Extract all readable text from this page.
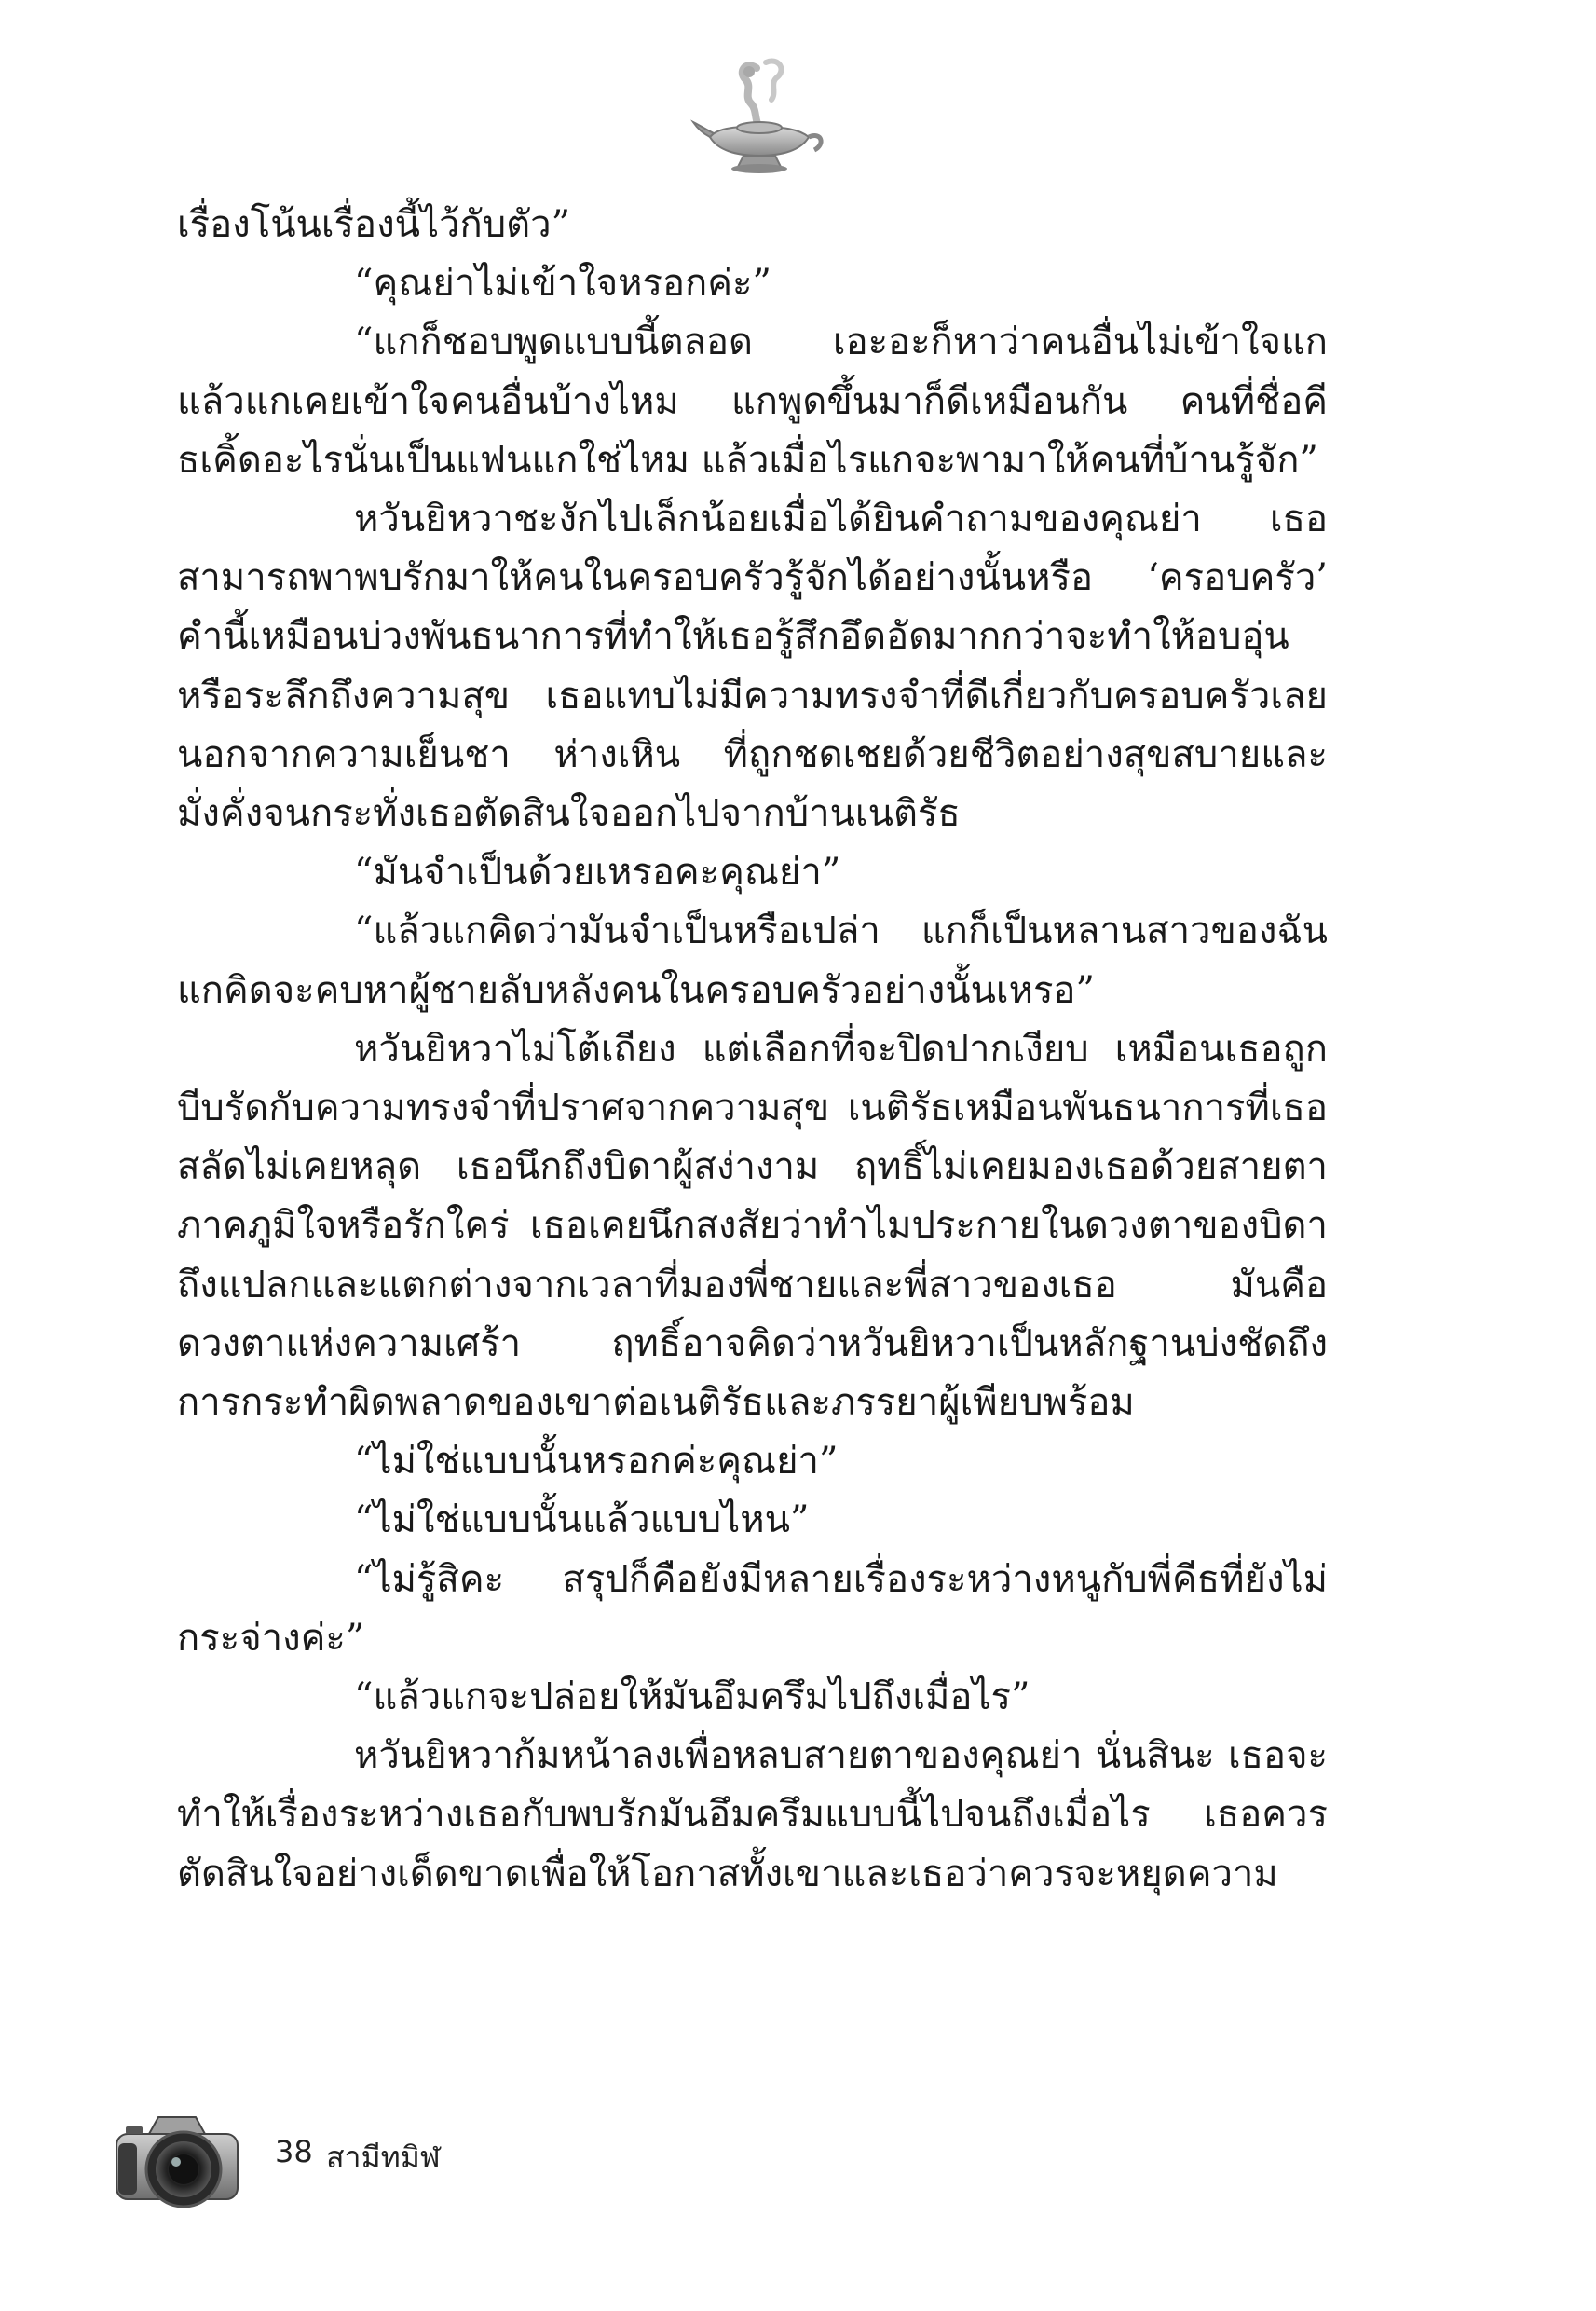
เรื่องโน้นเรื่องนี้ไว้กับตัว”

“คุณย่าไม่เข้าใจหรอกค่ะ”

“แกก็ชอบพูดแบบนี้ตลอด เอะอะก็หาว่าคนอื่นไม่เข้าใจแก แล้วแกเคยเข้าใจคนอื่นบ้างไหม แกพูดขึ้นมาก็ดีเหมือนกัน คนที่ชื่อคีธเคิ้ดอะไรนั่นเป็นแฟนแกใช่ไหม แล้วเมื่อไรแกจะพามาให้คนที่บ้านรู้จัก”

หวันยิหวาชะงักไปเล็กน้อยเมื่อได้ยินคำถามของคุณย่า เธอสามารถพาพบรักมาให้คนในครอบครัวรู้จักได้อย่างนั้นหรือ ‘ครอบครัว’ คำนี้เหมือนบ่วงพันธนาการที่ทำให้เธอรู้สึกอึดอัดมากกว่าจะทำให้อบอุ่นหรือระลึกถึงความสุข เธอแทบไม่มีความทรงจำที่ดีเกี่ยวกับครอบครัวเลยนอกจากความเย็นชา ห่างเหิน ที่ถูกชดเชยด้วยชีวิตอย่างสุขสบายและมั่งคั่งจนกระทั่งเธอตัดสินใจออกไปจากบ้านเนติรัธ

“มันจำเป็นด้วยเหรอคะคุณย่า”

“แล้วแกคิดว่ามันจำเป็นหรือเปล่า แกก็เป็นหลานสาวของฉัน แกคิดจะคบหาผู้ชายลับหลังคนในครอบครัวอย่างนั้นเหรอ”

หวันยิหวาไม่โต้เถียง แต่เลือกที่จะปิดปากเงียบ เหมือนเธอถูกบีบรัดกับความทรงจำที่ปราศจากความสุข เนติรัธเหมือนพันธนาการที่เธอสลัดไม่เคยหลุด เธอนึกถึงบิดาผู้สง่างาม ฤทธิ์ไม่เคยมองเธอด้วยสายตาภาคภูมิใจหรือรักใคร่ เธอเคยนึกสงสัยว่าทำไมประกายในดวงตาของบิดาถึงแปลกและแตกต่างจากเวลาที่มองพี่ชายและพี่สาวของเธอ มันคือดวงตาแห่งความเศร้า ฤทธิ์อาจคิดว่าหวันยิหวาเป็นหลักฐานบ่งชัดถึงการกระทำผิดพลาดของเขาต่อเนติรัธและภรรยาผู้เพียบพร้อม

“ไม่ใช่แบบนั้นหรอกค่ะคุณย่า”

“ไม่ใช่แบบนั้นแล้วแบบไหน”

“ไม่รู้สิคะ สรุปก็คือยังมีหลายเรื่องระหว่างหนูกับพี่คีธที่ยังไม่กระจ่างค่ะ”

“แล้วแกจะปล่อยให้มันอึมครึมไปถึงเมื่อไร”

หวันยิหวาก้มหน้าลงเพื่อหลบสายตาของคุณย่า นั่นสินะ เธอจะทำให้เรื่องระหว่างเธอกับพบรักมันอึมครึมแบบนี้ไปจนถึงเมื่อไร เธอควรตัดสินใจอย่างเด็ดขาดเพื่อให้โอกาสทั้งเขาและเธอว่าควรจะหยุดความ

38 สามีทมิฬ
